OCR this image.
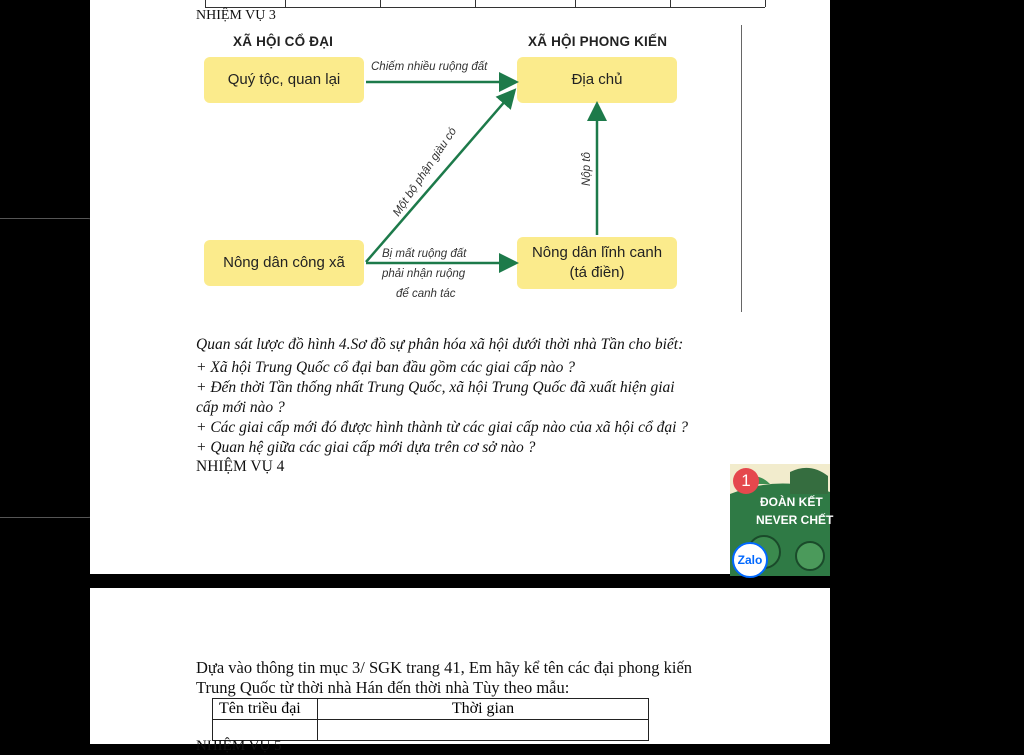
NHIỆM VỤ 3
XÃ HỘI CỔ ĐẠI	XÃ HỘI PHONG KIẾN
Quý tộc, quan lại	Địa chủ
Nông dân công xã
Nông dân lĩnh canh
(tá điền)
Chiếm nhiều ruộng đất
Một bộ phận giàu có	Nộp tô
Bị mất ruộng đất
phải nhận ruộng
để canh tác
Quan sát lược đồ hình 4.Sơ đồ sự phân hóa xã hội dưới thời nhà Tần cho biết:
+ Xã hội Trung Quốc cổ đại ban đầu gồm các giai cấp nào ?
+ Đến thời Tần thống nhất Trung Quốc, xã hội Trung Quốc đã xuất hiện giai
cấp mới nào ?
+ Các giai cấp mới đó được hình thành từ các giai cấp nào của xã hội cổ đại ?
+ Quan hệ giữa các giai cấp mới dựa trên cơ sở nào ?
NHIỆM VỤ 4
ĐOÀN KẾT
NEVER CHẾT
1
Zalo
Dựa vào thông tin mục 3/ SGK trang 41, Em hãy kể tên các đại phong kiến
Trung Quốc từ thời nhà Hán đến thời nhà Tùy theo mẫu:
Tên triều đại	Thời gian

NHIỆM VỤ 5
